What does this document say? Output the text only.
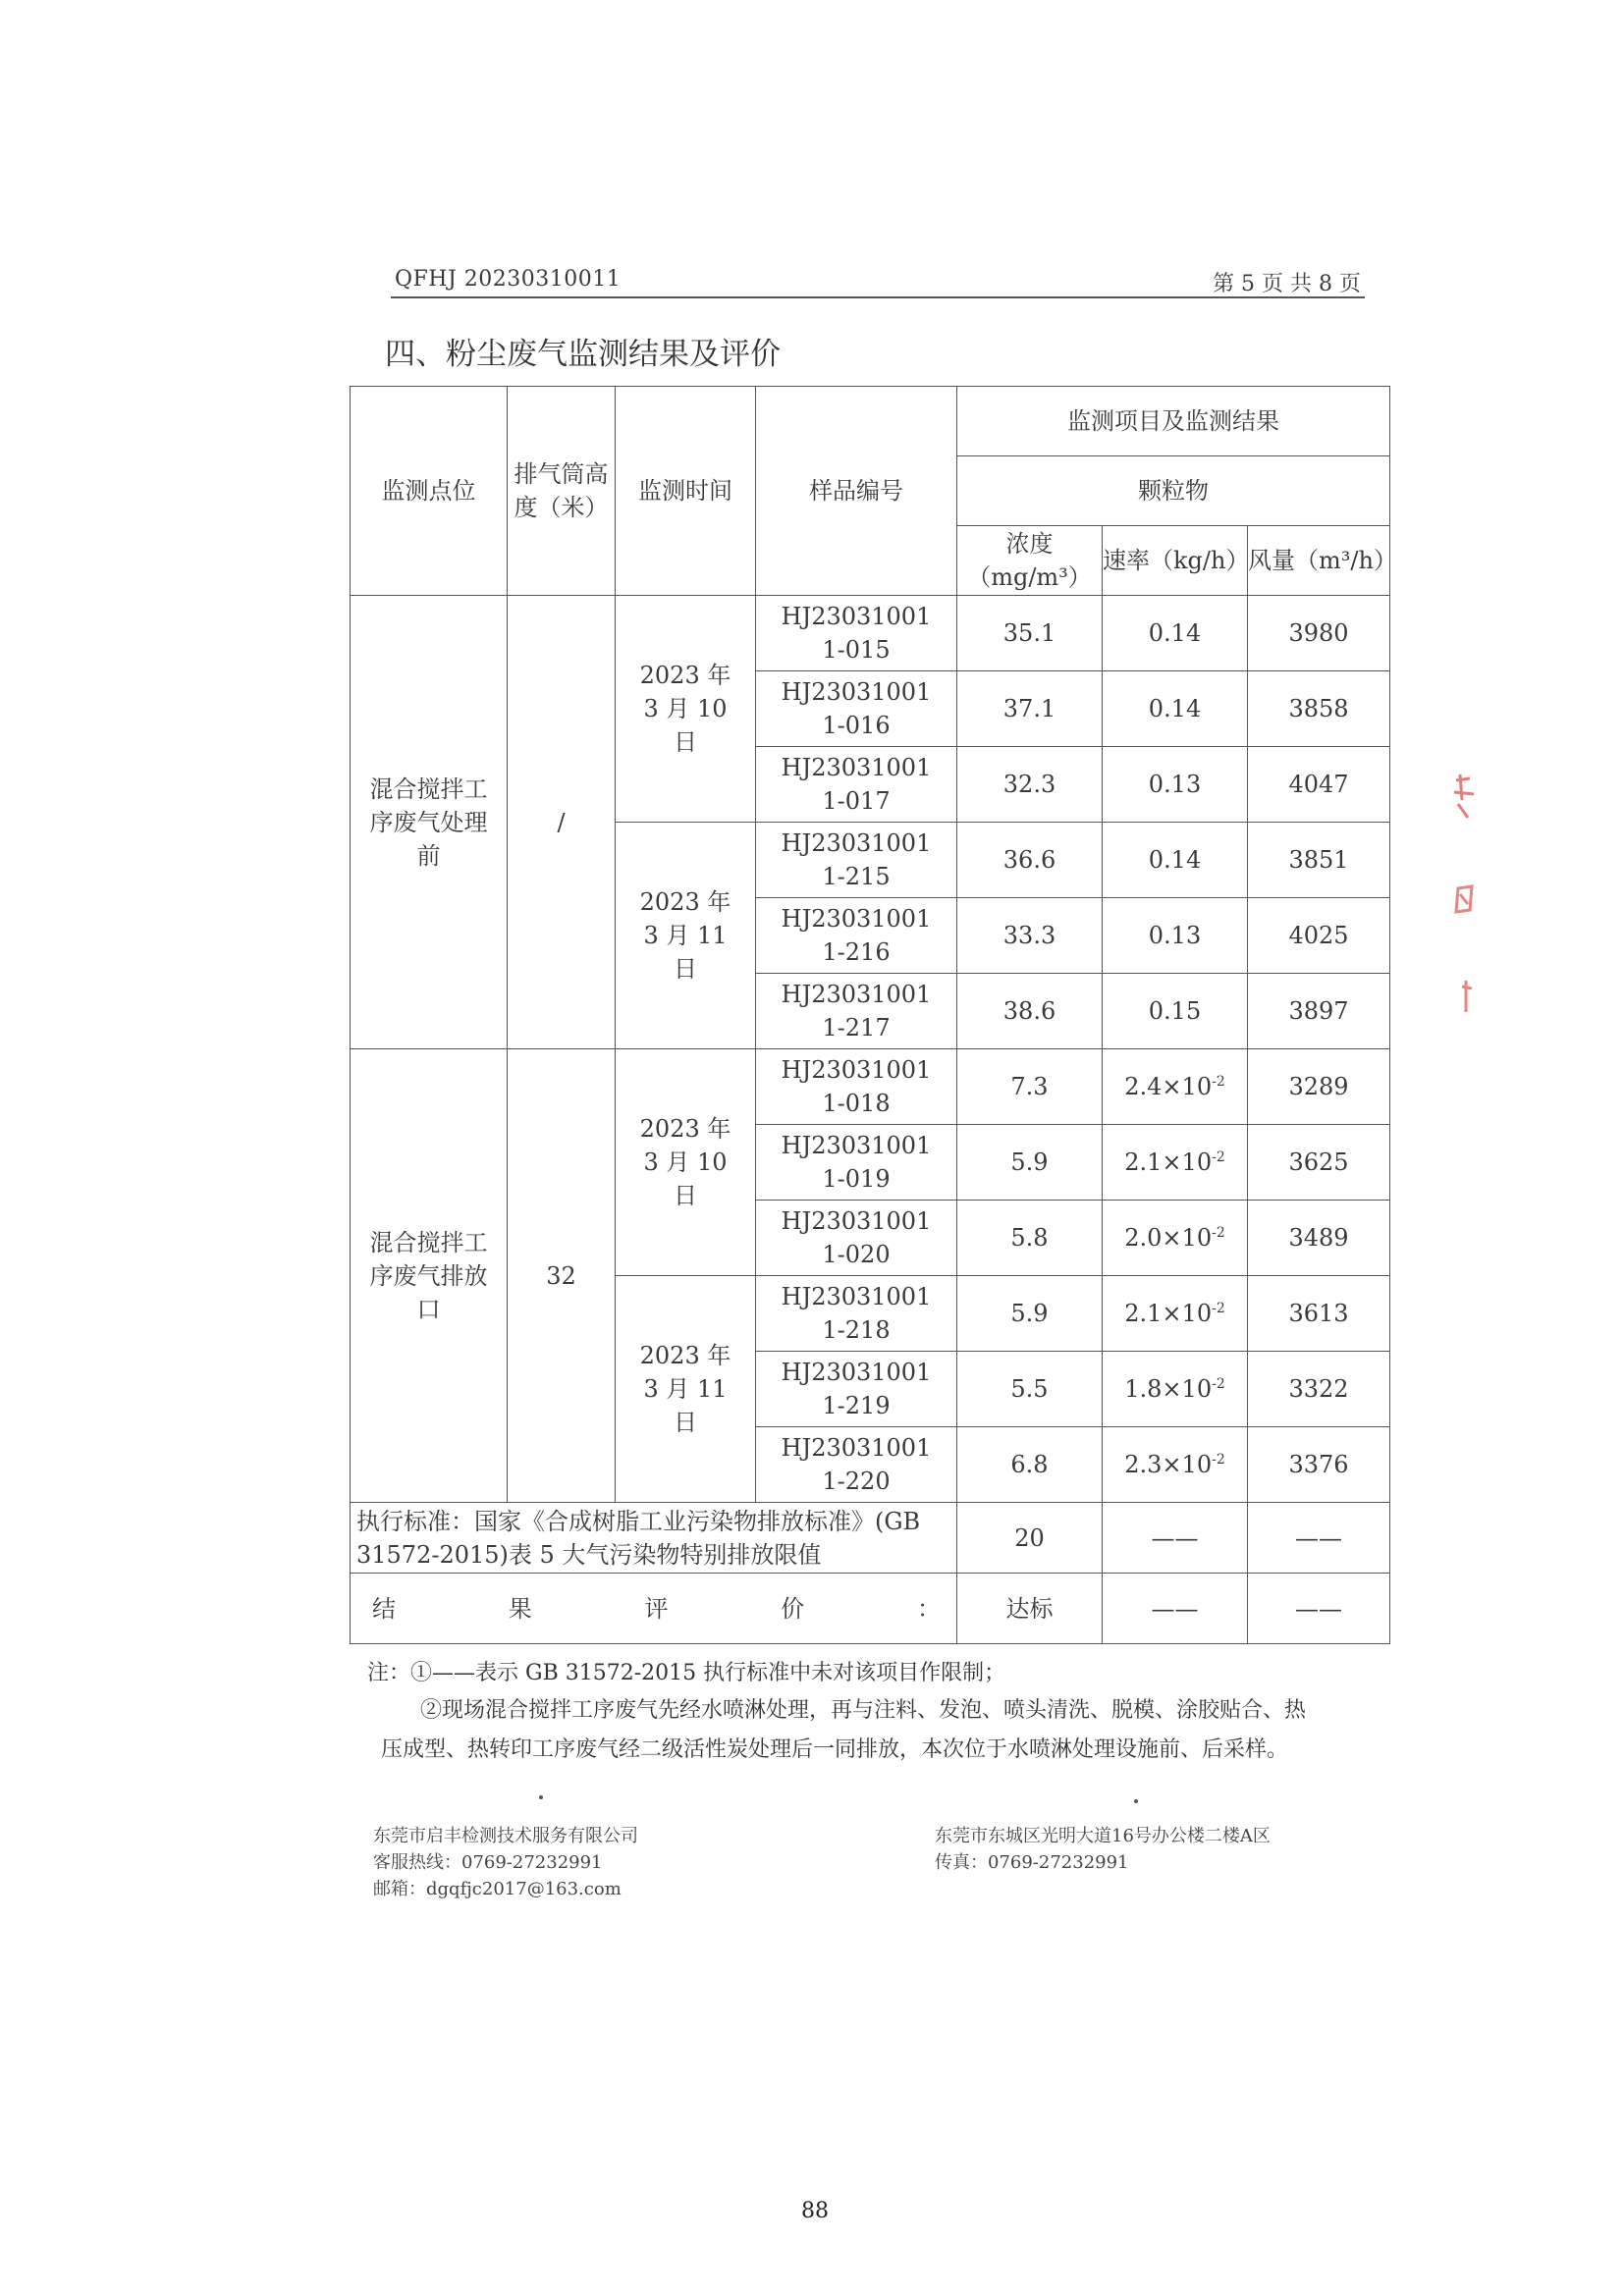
QFHJ 20230310011	第 5 页 共 8 页
四、粉尘废气监测结果及评价
监测点位	排气筒高度（米）	监测时间	样品编号	监测项目及监测结果		
				颗粒物		
				浓度（mg/m³）	速率（kg/h）	风量（m³/h）
混合搅拌工序废气处理前	/	2023 年3 月 10 日	HJ230310011-015	35.1	0.14	3980
			HJ230310011-016	37.1	0.14	3858
			HJ230310011-017	32.3	0.13	4047
		2023 年3 月 11 日	HJ230310011-215	36.6	0.14	3851
			HJ230310011-216	33.3	0.13	4025
			HJ230310011-217	38.6	0.15	3897
混合搅拌工序废气排放口	32	2023 年3 月 10 日	HJ230310011-018	7.3	$2.4\times 10^{-2}$	3289
			HJ230310011-019	5.9	$2.1\times 10^{-2}$	3625
			HJ230310011-020	5.8	$2.0\times 10^{-2}$	3489
		2023 年3 月 11 日	HJ230310011-218	5.9	$2.1\times 10^{-2}$	3613
			HJ230310011-219	5.5	$1.8\times 10^{-2}$	3322
			HJ230310011-220	6.8	$2.3\times 10^{-2}$	3376
执行标准：国家《合成树脂工业污染物排放标准》(GB 31572-2015)表 5 大气污染物特别排放限值				20	——	——

结 果 评 价 ：				达标	——	——
注：①——表示 GB 31572-2015 执行标准中未对该项目作限制；
②现场混合搅拌工序废气先经水喷淋处理，再与注料、发泡、喷头清洗、脱模、涂胶贴合、热
压成型、热转印工序废气经二级活性炭处理后一同排放，本次位于水喷淋处理设施前、后采样。
东莞市启丰检测技术服务有限公司
客服热线：0769-27232991
邮箱：dgqfjc2017@163.com
东莞市东城区光明大道16号办公楼二楼A区
传真：0769-27232991
88
